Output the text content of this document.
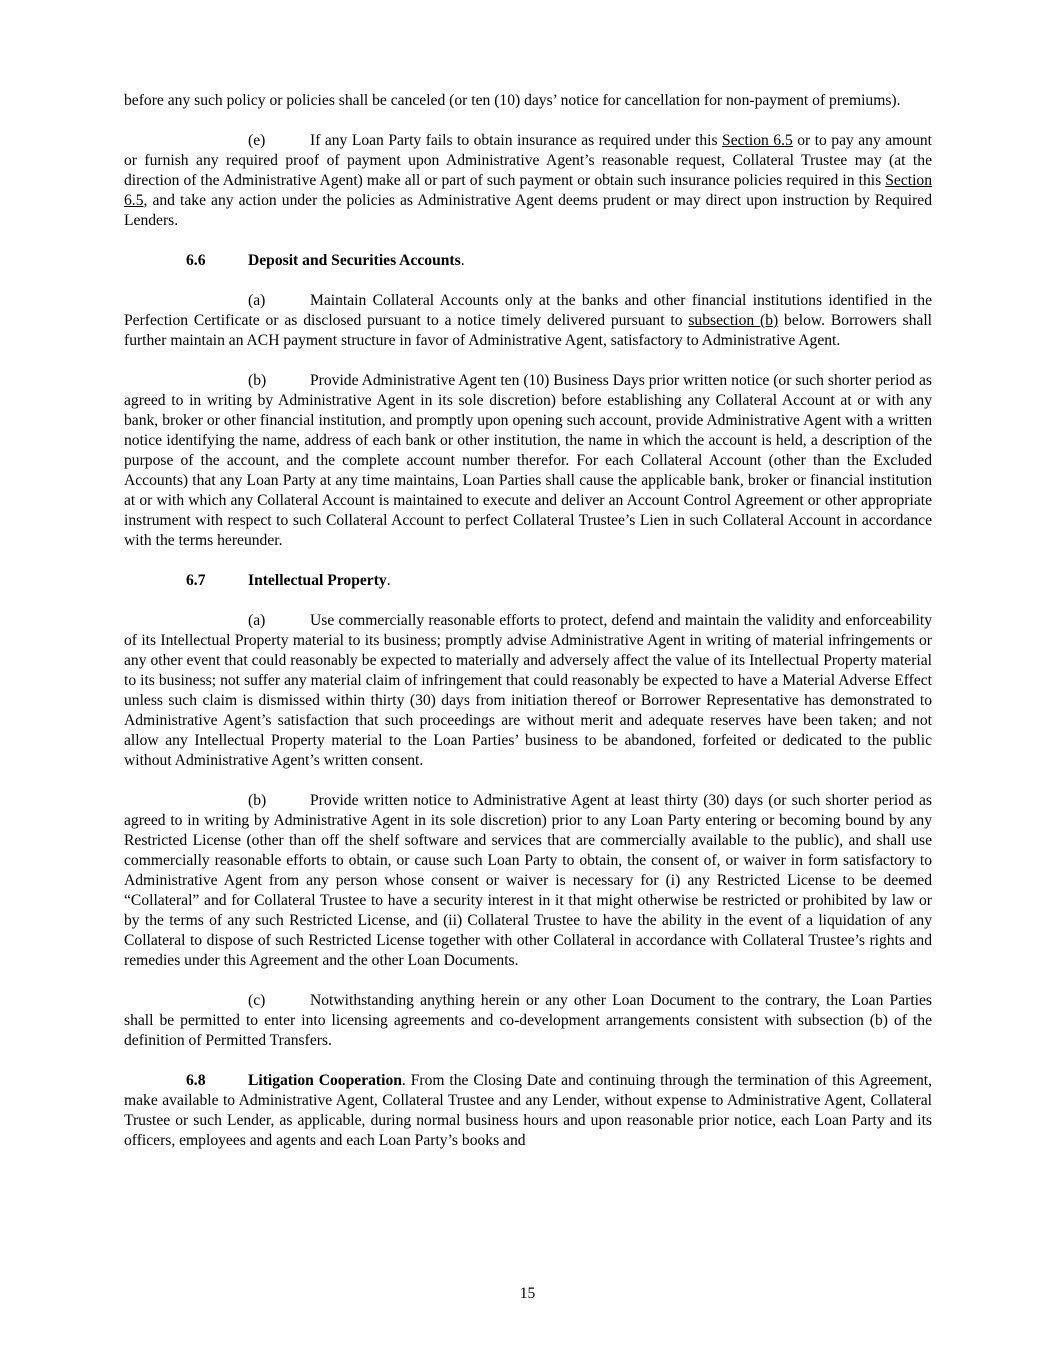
before any such policy or policies shall be canceled (or ten (10) days’ notice for cancellation for non-payment of premiums).

(e)	If any Loan Party fails to obtain insurance as required under this Section 6.5 or to pay any amount or furnish any required proof of payment upon Administrative Agent’s reasonable request, Collateral Trustee may (at the direction of the Administrative Agent) make all or part of such payment or obtain such insurance policies required in this Section 6.5, and take any action under the policies as Administrative Agent deems prudent or may direct upon instruction by Required Lenders.

6.6	Deposit and Securities Accounts.

(a)	Maintain Collateral Accounts only at the banks and other financial institutions identified in the Perfection Certificate or as disclosed pursuant to a notice timely delivered pursuant to subsection (b) below. Borrowers shall further maintain an ACH payment structure in favor of Administrative Agent, satisfactory to Administrative Agent.

(b)	Provide Administrative Agent ten (10) Business Days prior written notice (or such shorter period as agreed to in writing by Administrative Agent in its sole discretion) before establishing any Collateral Account at or with any bank, broker or other financial institution, and promptly upon opening such account, provide Administrative Agent with a written notice identifying the name, address of each bank or other institution, the name in which the account is held, a description of the purpose of the account, and the complete account number therefor. For each Collateral Account (other than the Excluded Accounts) that any Loan Party at any time maintains, Loan Parties shall cause the applicable bank, broker or financial institution at or with which any Collateral Account is maintained to execute and deliver an Account Control Agreement or other appropriate instrument with respect to such Collateral Account to perfect Collateral Trustee’s Lien in such Collateral Account in accordance with the terms hereunder.

6.7	Intellectual Property.

(a)	Use commercially reasonable efforts to protect, defend and maintain the validity and enforceability of its Intellectual Property material to its business; promptly advise Administrative Agent in writing of material infringements or any other event that could reasonably be expected to materially and adversely affect the value of its Intellectual Property material to its business; not suffer any material claim of infringement that could reasonably be expected to have a Material Adverse Effect unless such claim is dismissed within thirty (30) days from initiation thereof or Borrower Representative has demonstrated to Administrative Agent’s satisfaction that such proceedings are without merit and adequate reserves have been taken; and not allow any Intellectual Property material to the Loan Parties’ business to be abandoned, forfeited or dedicated to the public without Administrative Agent’s written consent.

(b)	Provide written notice to Administrative Agent at least thirty (30) days (or such shorter period as agreed to in writing by Administrative Agent in its sole discretion) prior to any Loan Party entering or becoming bound by any Restricted License (other than off the shelf software and services that are commercially available to the public), and shall use commercially reasonable efforts to obtain, or cause such Loan Party to obtain, the consent of, or waiver in form satisfactory to Administrative Agent from any person whose consent or waiver is necessary for (i) any Restricted License to be deemed “Collateral” and for Collateral Trustee to have a security interest in it that might otherwise be restricted or prohibited by law or by the terms of any such Restricted License, and (ii) Collateral Trustee to have the ability in the event of a liquidation of any Collateral to dispose of such Restricted License together with other Collateral in accordance with Collateral Trustee’s rights and remedies under this Agreement and the other Loan Documents.

(c)	Notwithstanding anything herein or any other Loan Document to the contrary, the Loan Parties shall be permitted to enter into licensing agreements and co-development arrangements consistent with subsection (b) of the definition of Permitted Transfers.

6.8	Litigation Cooperation. From the Closing Date and continuing through the termination of this Agreement, make available to Administrative Agent, Collateral Trustee and any Lender, without expense to Administrative Agent, Collateral Trustee or such Lender, as applicable, during normal business hours and upon reasonable prior notice, each Loan Party and its officers, employees and agents and each Loan Party’s books and

15
